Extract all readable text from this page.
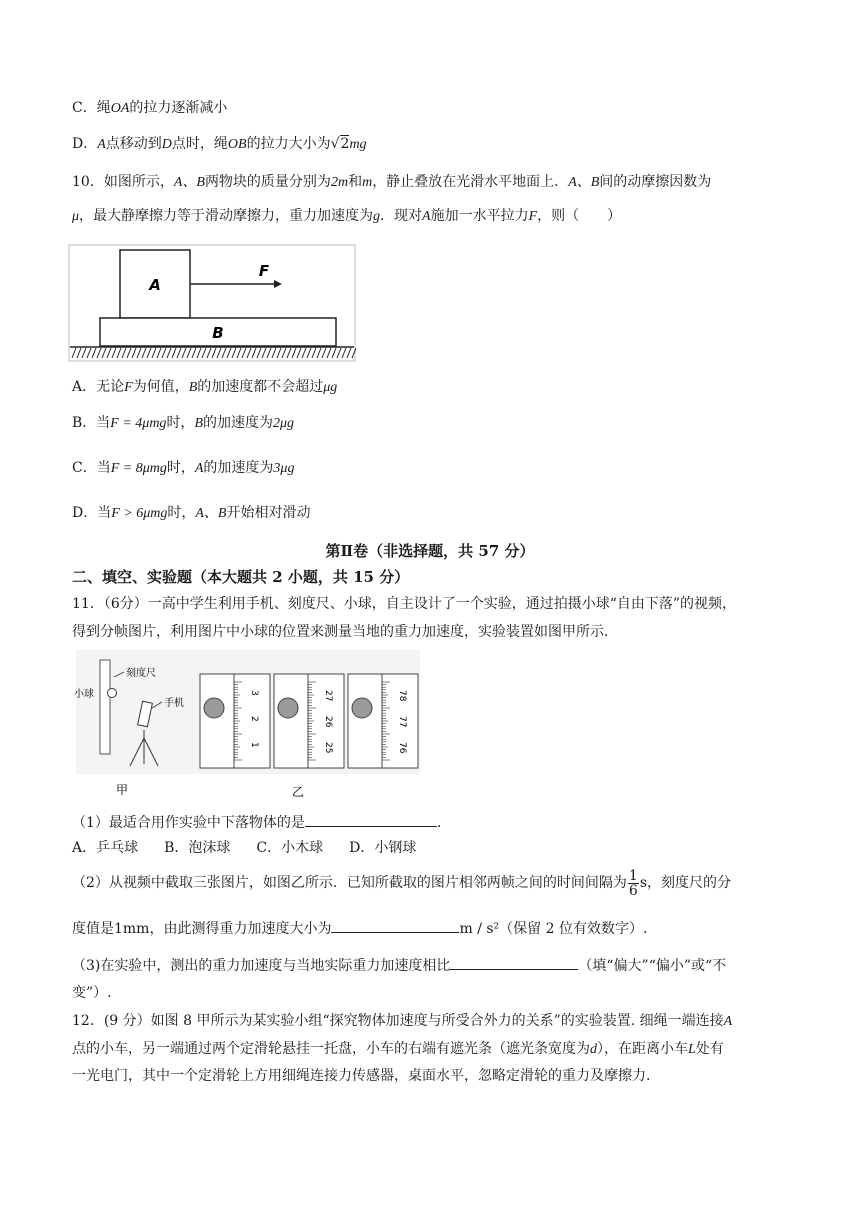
C．绳OA的拉力逐渐减小
D．A点移动到D点时，绳OB的拉力大小为√2mg
10．如图所示，A、B两物块的质量分别为2m和m，静止叠放在光滑水平地面上．A、B间的动摩擦因数为
μ，最大静摩擦力等于滑动摩擦力，重力加速度为g．现对A施加一水平拉力F，则（　　）
A
F
B
A．无论F为何值，B的加速度都不会超过μg
B．当F = 4μmg时，B的加速度为2μg
C．当F = 8μmg时，A的加速度为3μg
D．当F > 6μmg时，A、B开始相对滑动
第Ⅱ卷（非选择题，共 57 分）
二、填空、实验题（本大题共 2 小题，共 15 分）
11．（6分）一高中学生利用手机、刻度尺、小球，自主设计了一个实验，通过拍摄小球“自由下落”的视频，
得到分帧图片，利用图片中小球的位置来测量当地的重力加速度，实验装置如图甲所示．
刻度尺
小球
手机
3
2
1
27
26
25
78
77
76
甲	乙
（1）最适合用作实验中下落物体的是	.
A．乒乓球 B．泡沫球 C．小木球 D．小钢球
（2）从视频中截取三张图片，如图乙所示．已知所截取的图片相邻两帧之间的时间间隔为 $\frac{1}{6}$ s，刻度尺的分
度值是1mm，由此测得重力加速度大小为	m / s²（保留 2 位有效数字）.
（3)在实验中，测出的重力加速度与当地实际重力加速度相比	（填“偏大”“偏小”或“不
变”）.
12．(9 分）如图 8 甲所示为某实验小组“探究物体加速度与所受合外力的关系”的实验装置. 细绳一端连接A
点的小车，另一端通过两个定滑轮悬挂一托盘，小车的右端有遮光条（遮光条宽度为d），在距离小车L处有
一光电门，其中一个定滑轮上方用细绳连接力传感器，桌面水平，忽略定滑轮的重力及摩擦力.
